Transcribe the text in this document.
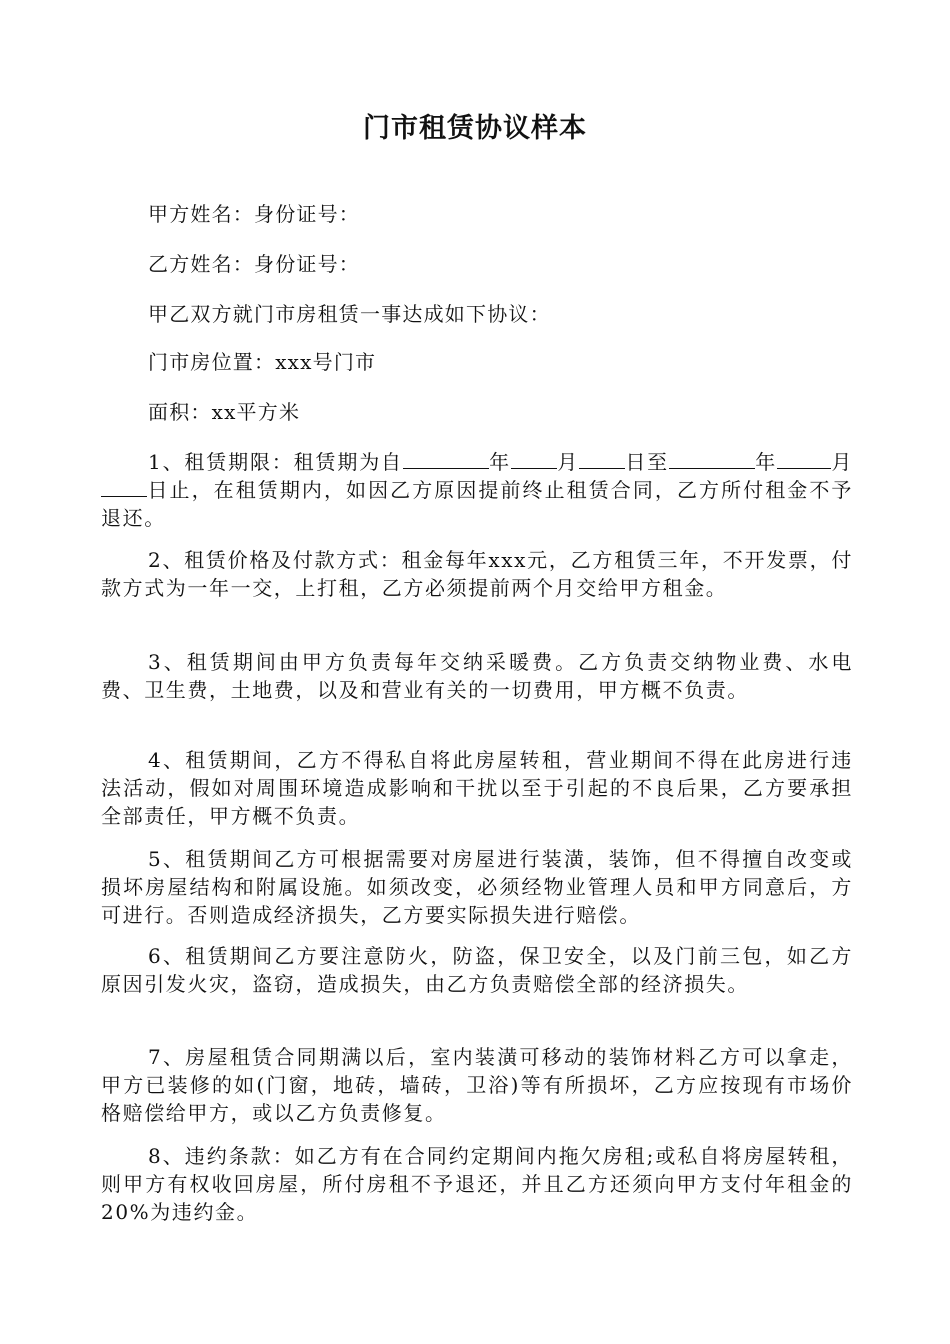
门市租赁协议样本

甲方姓名：身份证号：

乙方姓名：身份证号：

甲乙双方就门市房租赁一事达成如下协议：

门市房位置：xxx号门市

面积：xx平方米

1、租赁期限：租赁期为自	年 月 日至	年	月日止，在租赁期内，如因乙方原因提前终止租赁合同，乙方所付租金不予退还。

2、租赁价格及付款方式：租金每年xxx元，乙方租赁三年，不开发票，付款方式为一年一交，上打租，乙方必须提前两个月交给甲方租金。

3、租赁期间由甲方负责每年交纳采暖费。乙方负责交纳物业费、水电费、卫生费，土地费，以及和营业有关的一切费用，甲方概不负责。

4、租赁期间，乙方不得私自将此房屋转租，营业期间不得在此房进行违法活动，假如对周围环境造成影响和干扰以至于引起的不良后果，乙方要承担全部责任，甲方概不负责。

5、租赁期间乙方可根据需要对房屋进行装潢，装饰，但不得擅自改变或损坏房屋结构和附属设施。如须改变，必须经物业管理人员和甲方同意后，方可进行。否则造成经济损失，乙方要实际损失进行赔偿。

6、租赁期间乙方要注意防火，防盗，保卫安全，以及门前三包，如乙方原因引发火灾，盗窃，造成损失，由乙方负责赔偿全部的经济损失。

7、房屋租赁合同期满以后，室内装潢可移动的装饰材料乙方可以拿走，甲方已装修的如(门窗，地砖，墙砖，卫浴)等有所损坏，乙方应按现有市场价格赔偿给甲方，或以乙方负责修复。

8、违约条款：如乙方有在合同约定期间内拖欠房租;或私自将房屋转租，则甲方有权收回房屋，所付房租不予退还，并且乙方还须向甲方支付年租金的20%为违约金。
